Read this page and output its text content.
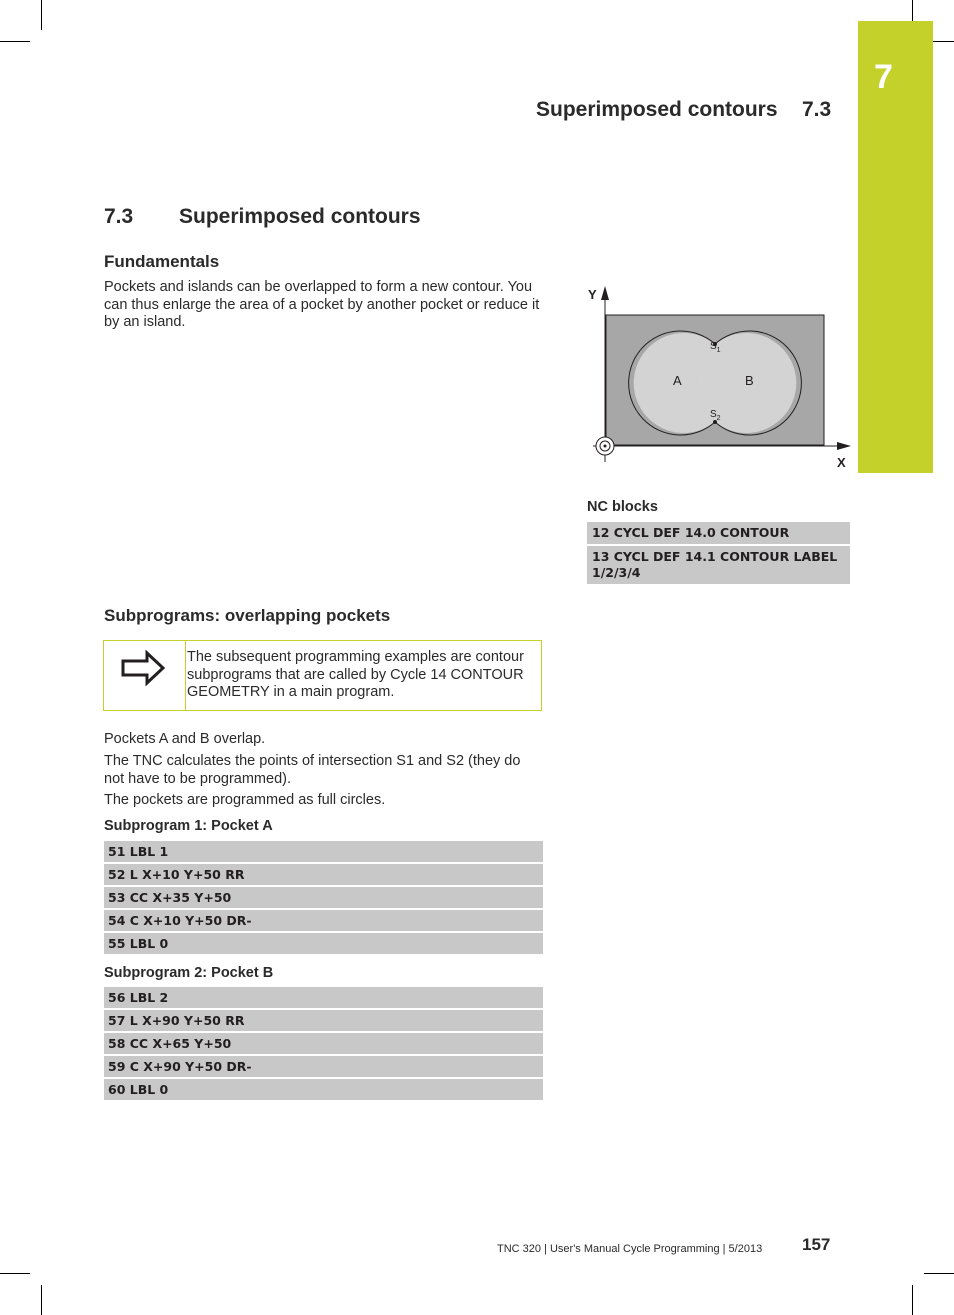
7
Superimposed contours 7.3
7.3 Superimposed contours
Fundamentals
Pockets and islands can be overlapped to form a new contour. You can thus enlarge the area of a pocket by another pocket or reduce it by an island.
Y
X
A	B
$S_1$
$S_2$
NC blocks
12 CYCL DEF 14.0 CONTOUR
13 CYCL DEF 14.1 CONTOUR LABEL 1/2/3/4
Subprograms: overlapping pockets
The subsequent programming examples are contour subprograms that are called by Cycle 14 CONTOUR GEOMETRY in a main program.
Pockets A and B overlap.
The TNC calculates the points of intersection S1 and S2 (they do not have to be programmed).
The pockets are programmed as full circles.
Subprogram 1: Pocket A
51 LBL 1
52 L X+10 Y+50 RR
53 CC X+35 Y+50
54 C X+10 Y+50 DR-
55 LBL 0
Subprogram 2: Pocket B
56 LBL 2
57 L X+90 Y+50 RR
58 CC X+65 Y+50
59 C X+90 Y+50 DR-
60 LBL 0
TNC 320 | User's Manual Cycle Programming | 5/2013 157
